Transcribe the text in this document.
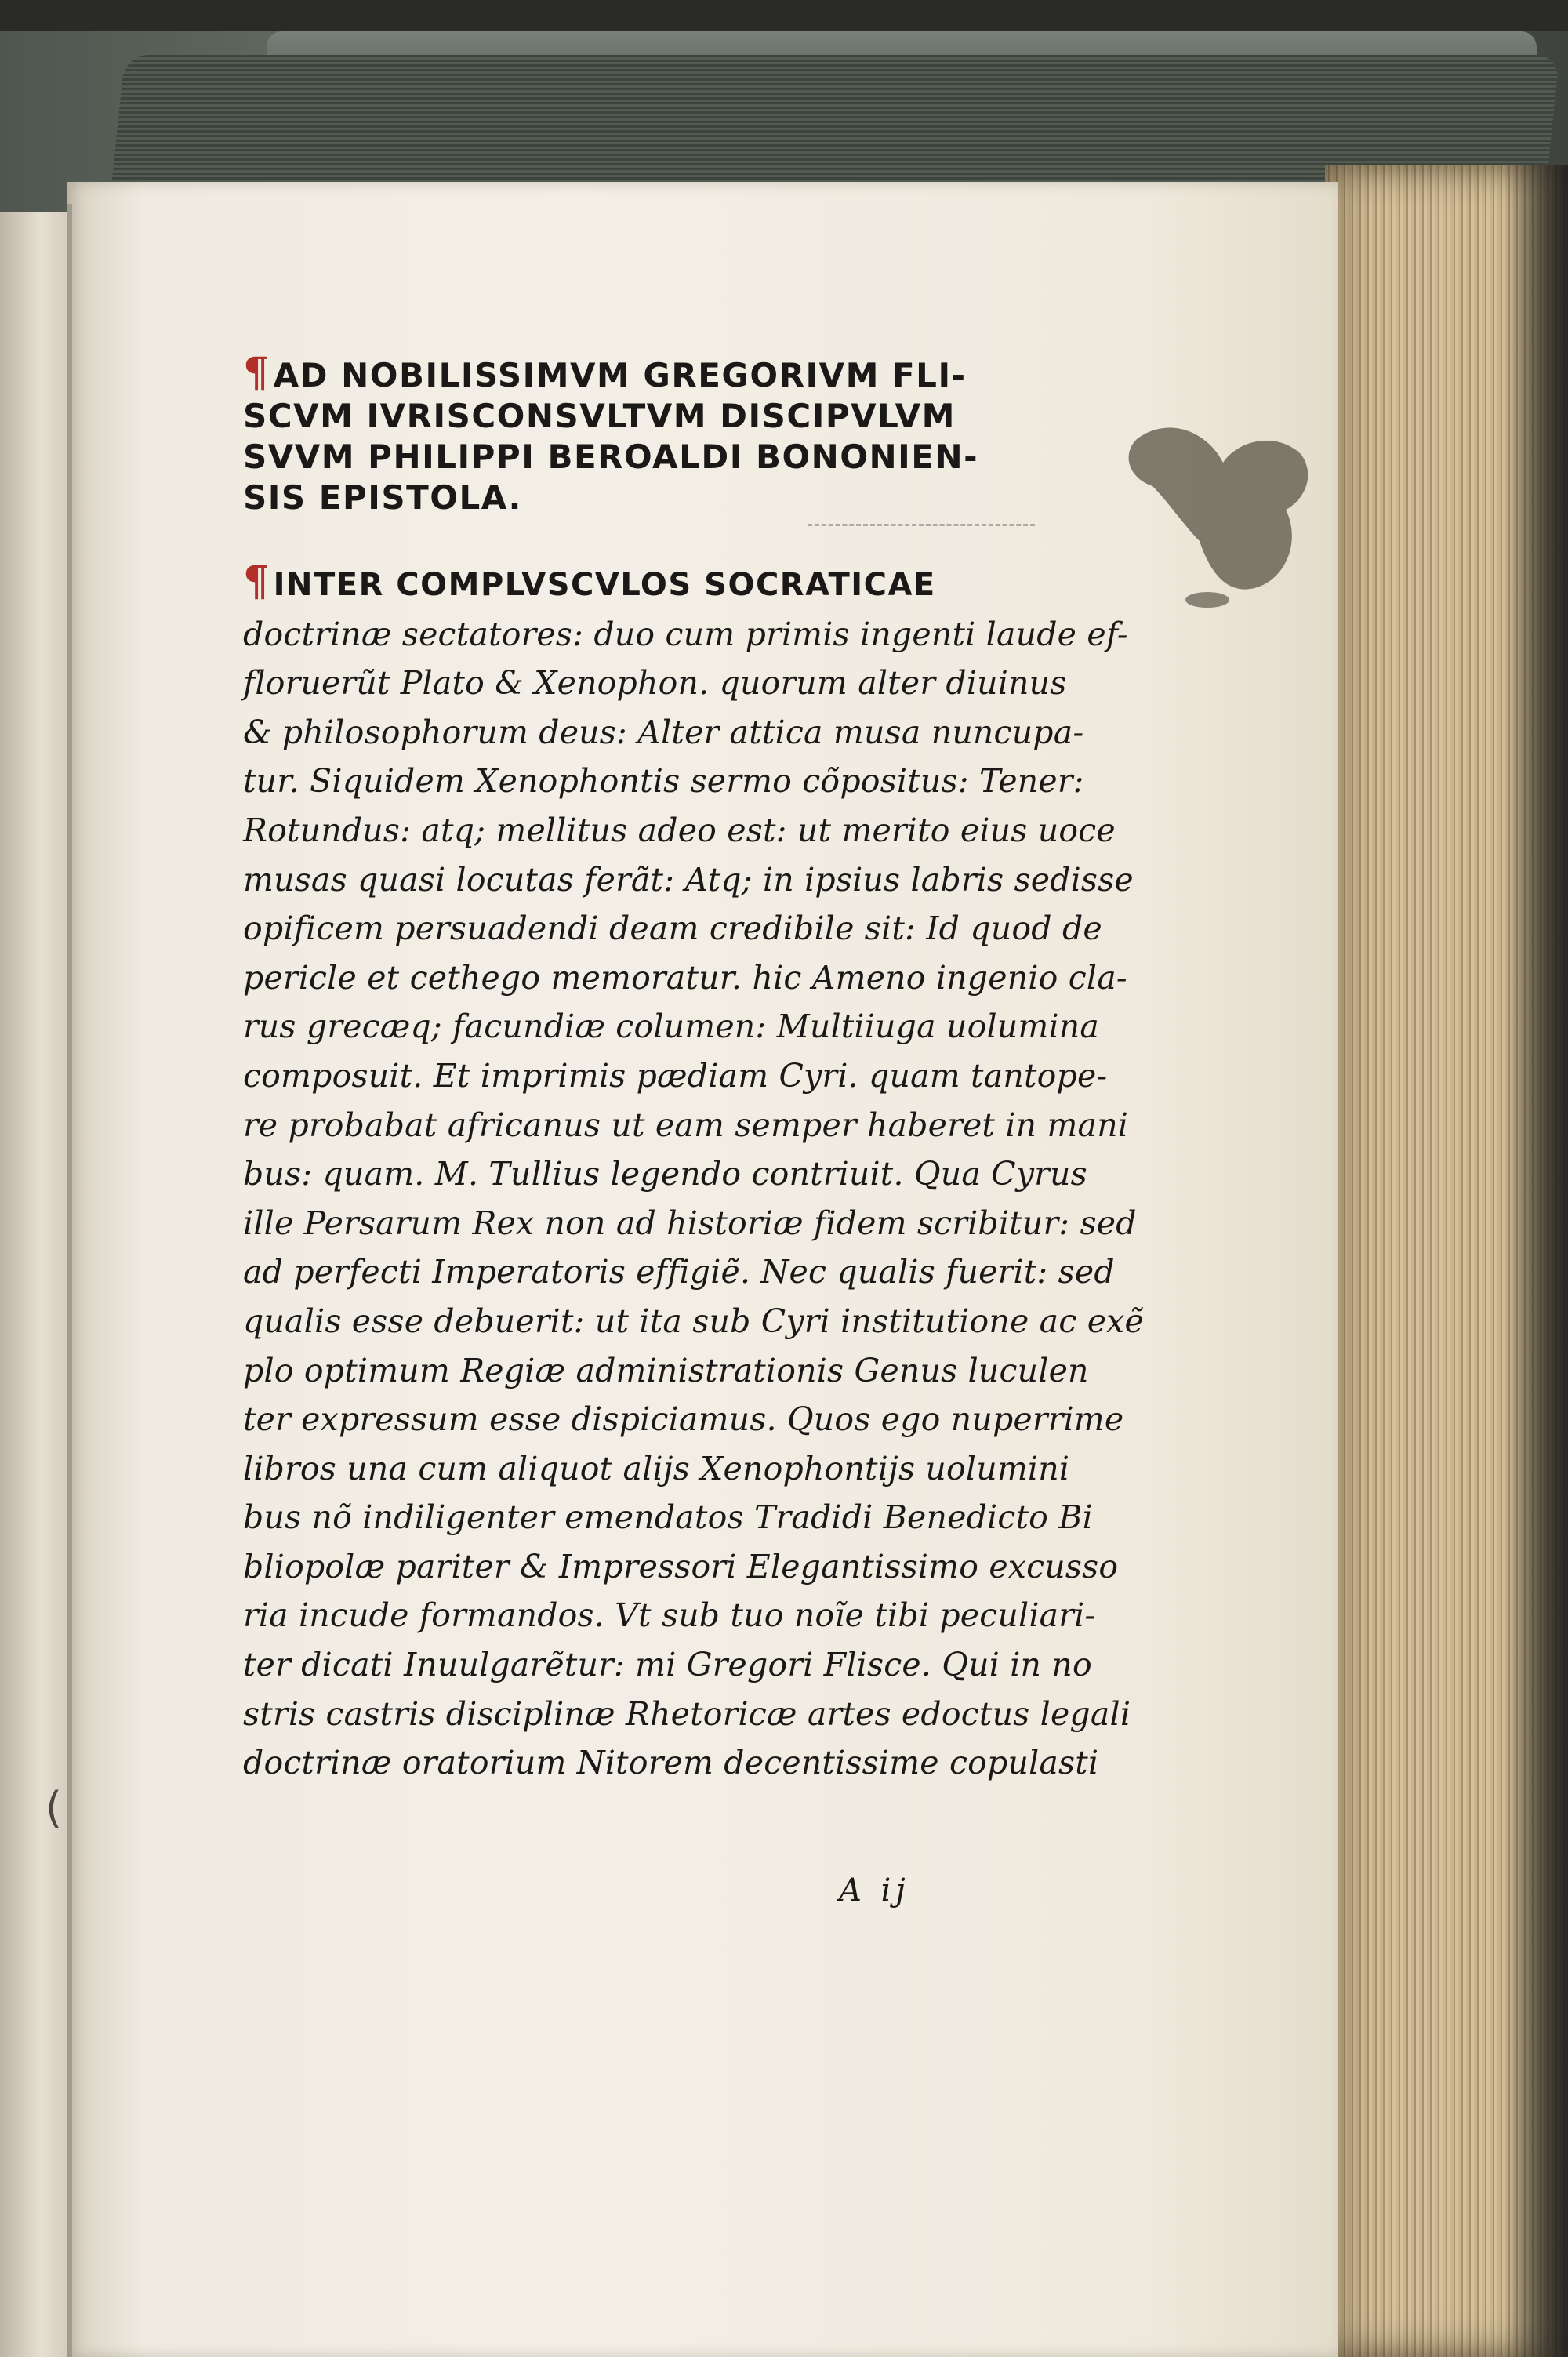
(
¶AD NOBILISSIMVM GREGORIVM FLI-
SCVM IVRISCONSVLTVM DISCIPVLVM
SVVM PHILIPPI BEROALDI BONONIEN-
SIS EPISTOLA.
¶ INTER COMPLVSCVLOS SOCRATICAE
doctrinæ sectatores: duo cum primis ingenti laude ef-
floruerũt Plato & Xenophon. quorum alter diuinus
& philosophorum deus: Alter attica musa nuncupa-
tur. Siquidem Xenophontis sermo cõpositus: Tener:
Rotundus: atq; mellitus adeo est: ut merito eius uoce
musas quasi locutas ferãt: Atq; in ipsius labris sedisse
opificem persuadendi deam credibile sit: Id quod de
pericle et cethego memoratur. hic Ameno ingenio cla-
rus grecæq; facundiæ columen: Multiiuga uolumina
composuit. Et imprimis pædiam Cyri. quam tantope-
re probabat africanus ut eam semper haberet in mani
bus: quam. M. Tullius legendo contriuit. Qua Cyrus
ille Persarum Rex non ad historiæ fidem scribitur: sed
ad perfecti Imperatoris effigiẽ. Nec qualis fuerit: sed
qualis esse debuerit: ut ita sub Cyri institutione ac exẽ
plo optimum Regiæ administrationis Genus luculen
ter expressum esse dispiciamus. Quos ego nuperrime
libros una cum aliquot alijs Xenophontijs uolumini
bus nõ indiligenter emendatos Tradidi Benedicto Bi
bliopolæ pariter & Impressori Elegantissimo excusso
ria incude formandos. Vt sub tuo noĩe tibi peculiari-
ter dicati Inuulgarẽtur: mi Gregori Flisce. Qui in no
stris castris disciplinæ Rhetoricæ artes edoctus legali
doctrinæ oratorium Nitorem decentissime copulasti
A ij
